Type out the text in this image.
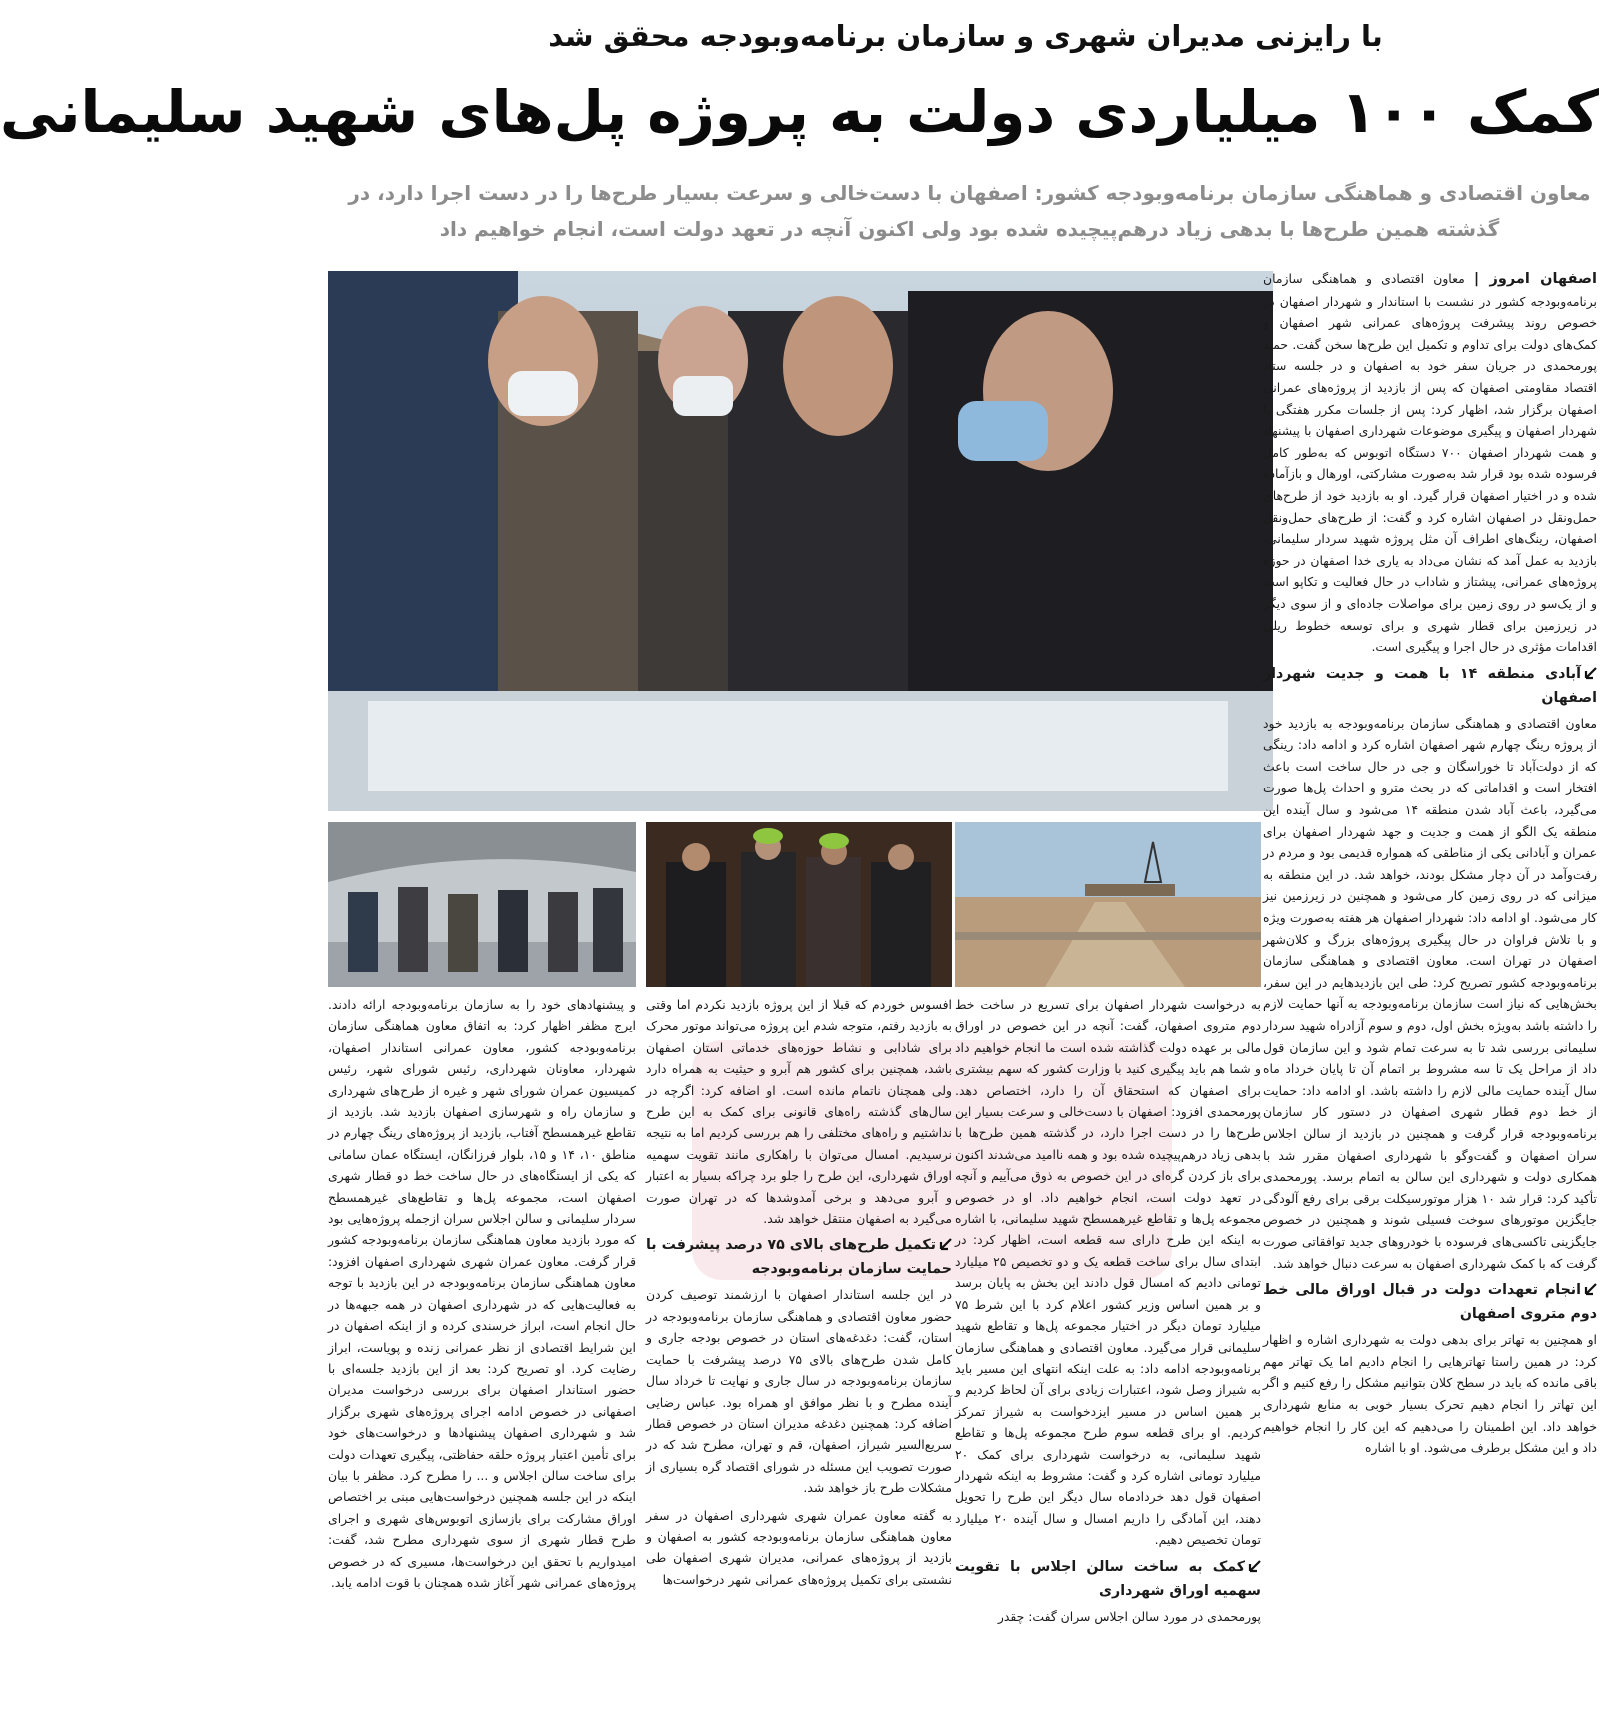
با رایزنی مدیران شهری و سازمان برنامه‌وبودجه محقق شد
کمک ۱۰۰ میلیاردی دولت به پروژه پل‌های شهید سلیمانی
معاون اقتصادی و هماهنگی سازمان برنامه‌وبودجه کشور: اصفهان با دست‌خالی و سرعت بسیار طرح‌ها را در دست اجرا دارد، در گذشته همین طرح‌ها با بدهی زیاد درهم‌پیچیده شده بود ولی اکنون آنچه در تعهد دولت است، انجام خواهیم داد

اصفهان امروز | معاون اقتصادی و هماهنگی سازمان برنامه‌وبودجه کشور در نشست با استاندار و شهردار اصفهان در خصوص روند پیشرفت پروژه‌های عمرانی شهر اصفهان و کمک‌های دولت برای تداوم و تکمیل این طرح‌ها سخن گفت. حمید پورمحمدی در جریان سفر خود به اصفهان و در جلسه ستاد اقتصاد مقاومتی اصفهان که پس از بازدید از پروژه‌های عمرانی اصفهان برگزار شد، اظهار کرد: پس از جلسات مکرر هفتگی با شهردار اصفهان و پیگیری موضوعات شهرداری اصفهان با پیشنهاد و همت شهردار اصفهان ۷۰۰ دستگاه اتوبوس که به‌طور کامل فرسوده شده بود قرار شد به‌صورت مشارکتی، اورهال و بازآماده شده و در اختیار اصفهان قرار گیرد. او به بازدید خود از طرح‌های حمل‌ونقل در اصفهان اشاره کرد و گفت: از طرح‌های حمل‌ونقل اصفهان، رینگ‌های اطراف آن مثل پروژه شهید سردار سلیمانی، بازدید به عمل آمد که نشان می‌داد به یاری خدا اصفهان در حوزه پروژه‌های عمرانی، پیشتاز و شاداب در حال فعالیت و تکاپو است و از یک‌سو در روی زمین برای مواصلات جاده‌ای و از سوی دیگر در زیرزمین برای قطار شهری و برای توسعه خطوط ریلی اقدامات مؤثری در حال اجرا و پیگیری است.

آبادی منطقه ۱۴ با همت و جدیت شهردار اصفهان

معاون اقتصادی و هماهنگی سازمان برنامه‌وبودجه به بازدید خود از پروژه رینگ چهارم شهر اصفهان اشاره کرد و ادامه داد: رینگی که از دولت‌آباد تا خوراسگان و جی در حال ساخت است باعث افتخار است و اقداماتی که در بحث مترو و احداث پل‌ها صورت می‌گیرد، باعث آباد شدن منطقه ۱۴ می‌شود و سال آینده این منطقه یک الگو از همت و جدیت و جهد شهردار اصفهان برای عمران و آبادانی یکی از مناطقی که همواره قدیمی بود و مردم در رفت‌وآمد در آن دچار مشکل بودند، خواهد شد. در این منطقه به میزانی که در روی زمین کار می‌شود و همچنین در زیرزمین نیز کار می‌شود. او ادامه داد: شهردار اصفهان هر هفته به‌صورت ویژه و با تلاش فراوان در حال پیگیری پروژه‌های بزرگ و کلان‌شهر اصفهان در تهران است. معاون اقتصادی و هماهنگی سازمان برنامه‌وبودجه کشور تصریح کرد: طی این بازدیدهایم در این سفر، بخش‌هایی که نیاز است سازمان برنامه‌وبودجه به آنها حمایت لازم را داشته باشد به‌ویژه بخش اول، دوم و سوم آزادراه شهید سردار سلیمانی بررسی شد تا به سرعت تمام شود و این سازمان قول داد از مراحل یک تا سه مشروط بر اتمام آن تا پایان خرداد ماه سال آینده حمایت مالی لازم را داشته باشد. او ادامه داد: حمایت از خط دوم قطار شهری اصفهان در دستور کار سازمان برنامه‌وبودجه قرار گرفت و همچنین در بازدید از سالن اجلاس سران اصفهان و گفت‌وگو با شهرداری اصفهان مقرر شد با همکاری دولت و شهرداری این سالن به اتمام برسد. پورمحمدی تأکید کرد: قرار شد ۱۰ هزار موتورسیکلت برقی برای رفع آلودگی جایگزین موتورهای سوخت فسیلی شوند و همچنین در خصوص جایگزینی تاکسی‌های فرسوده با خودروهای جدید توافقاتی صورت گرفت که با کمک شهرداری اصفهان به سرعت دنبال خواهد شد.

انجام تعهدات دولت در قبال اوراق مالی خط دوم متروی اصفهان

او همچنین به تهاتر برای بدهی دولت به شهرداری اشاره و اظهار کرد: در همین راستا تهاترهایی را انجام دادیم اما یک تهاتر مهم باقی مانده که باید در سطح کلان بتوانیم مشکل را رفع کنیم و اگر این تهاتر را انجام دهیم تحرک بسیار خوبی به منابع شهرداری خواهد داد. این اطمینان را می‌دهیم که این کار را انجام خواهیم داد و این مشکل برطرف می‌شود. او با اشاره

به درخواست شهردار اصفهان برای تسریع در ساخت خط دوم متروی اصفهان، گفت: آنچه در این خصوص در اوراق مالی بر عهده دولت گذاشته شده است ما انجام خواهیم داد و شما هم باید پیگیری کنید با وزارت کشور که سهم بیشتری برای اصفهان که استحقاق آن را دارد، اختصاص دهد. پورمحمدی افزود: اصفهان با دست‌خالی و سرعت بسیار این طرح‌ها را در دست اجرا دارد، در گذشته همین طرح‌ها با بدهی زیاد درهم‌پیچیده شده بود و همه ناامید می‌شدند اکنون برای باز کردن گره‌ای در این خصوص به ذوق می‌آییم و آنچه در تعهد دولت است، انجام خواهیم داد. او در خصوص مجموعه پل‌ها و تقاطع غیرهمسطح شهید سلیمانی، با اشاره به اینکه این طرح دارای سه قطعه است، اظهار کرد: در ابتدای سال برای ساخت قطعه یک و دو تخصیص ۲۵ میلیارد تومانی دادیم که امسال قول دادند این بخش به پایان برسد و بر همین اساس وزیر کشور اعلام کرد با این شرط ۷۵ میلیارد تومان دیگر در اختیار مجموعه پل‌ها و تقاطع شهید سلیمانی قرار می‌گیرد. معاون اقتصادی و هماهنگی سازمان برنامه‌وبودجه ادامه داد: به علت اینکه انتهای این مسیر باید به شیراز وصل شود، اعتبارات زیادی برای آن لحاظ کردیم و بر همین اساس در مسیر ایزدخواست به شیراز تمرکز کردیم. او برای قطعه سوم طرح مجموعه پل‌ها و تقاطع شهید سلیمانی، به درخواست شهرداری برای کمک ۲۰ میلیارد تومانی اشاره کرد و گفت: مشروط به اینکه شهردار اصفهان قول دهد خردادماه سال دیگر این طرح را تحویل دهند، این آمادگی را داریم امسال و سال آینده ۲۰ میلیارد تومان تخصیص دهیم.

کمک به ساخت سالن اجلاس با تقویت سهمیه اوراق شهرداری

پورمحمدی در مورد سالن اجلاس سران گفت: چقدر

افسوس خوردم که قبلا از این پروژه بازدید نکردم اما وقتی به بازدید رفتم، متوجه شدم این پروژه می‌تواند موتور محرک برای شادابی و نشاط حوزه‌های خدماتی استان اصفهان باشد، همچنین برای کشور هم آبرو و حیثیت به همراه دارد ولی همچنان ناتمام مانده است. او اضافه کرد: اگرچه در سال‌های گذشته راه‌های قانونی برای کمک به این طرح نداشتیم و راه‌های مختلفی را هم بررسی کردیم اما به نتیجه نرسیدیم. امسال می‌توان با راهکاری مانند تقویت سهمیه اوراق شهرداری، این طرح را جلو برد چراکه بسیار به اعتبار و آبرو می‌دهد و برخی آمدوشدها که در تهران صورت می‌گیرد به اصفهان منتقل خواهد شد.

تکمیل طرح‌های بالای ۷۵ درصد پیشرفت با حمایت سازمان برنامه‌وبودجه

در این جلسه استاندار اصفهان با ارزشمند توصیف کردن حضور معاون اقتصادی و هماهنگی سازمان برنامه‌وبودجه در استان، گفت: دغدغه‌های استان در خصوص بودجه جاری و کامل شدن طرح‌های بالای ۷۵ درصد پیشرفت با حمایت سازمان برنامه‌وبودجه در سال جاری و نهایت تا خرداد سال آینده مطرح و با نظر موافق او همراه بود. عباس رضایی اضافه کرد: همچنین دغدغه مدیران استان در خصوص قطار سریع‌السیر شیراز، اصفهان، قم و تهران، مطرح شد که در صورت تصویب این مسئله در شورای اقتصاد گره بسیاری از مشکلات طرح باز خواهد شد.

به گفته معاون عمران شهری شهرداری اصفهان در سفر معاون هماهنگی سازمان برنامه‌وبودجه کشور به اصفهان و بازدید از پروژه‌های عمرانی، مدیران شهری اصفهان طی نشستی برای تکمیل پروژه‌های عمرانی شهر درخواست‌ها

و پیشنهادهای خود را به سازمان برنامه‌وبودجه ارائه دادند. ایرج مظفر اظهار کرد: به اتفاق معاون هماهنگی سازمان برنامه‌وبودجه کشور، معاون عمرانی استاندار اصفهان، شهردار، معاونان شهرداری، رئیس شورای شهر، رئیس کمیسیون عمران شورای شهر و غیره از طرح‌های شهرداری و سازمان راه و شهرسازی اصفهان بازدید شد. بازدید از تقاطع غیرهمسطح آفتاب، بازدید از پروژه‌های رینگ چهارم در مناطق ۱۰، ۱۴ و ۱۵، بلوار فرزانگان، ایستگاه عمان سامانی که یکی از ایستگاه‌های در حال ساخت خط دو قطار شهری اصفهان است، مجموعه پل‌ها و تقاطع‌های غیرهمسطح سردار سلیمانی و سالن اجلاس سران ازجمله پروژه‌هایی بود که مورد بازدید معاون هماهنگی سازمان برنامه‌وبودجه کشور قرار گرفت. معاون عمران شهری شهرداری اصفهان افزود: معاون هماهنگی سازمان برنامه‌وبودجه در این بازدید با توجه به فعالیت‌هایی که در شهرداری اصفهان در همه جبهه‌ها در حال انجام است، ابراز خرسندی کرده و از اینکه اصفهان در این شرایط اقتصادی از نظر عمرانی زنده و پویاست، ابراز رضایت کرد. او تصریح کرد: بعد از این بازدید جلسه‌ای با حضور استاندار اصفهان برای بررسی درخواست مدیران اصفهانی در خصوص ادامه اجرای پروژه‌های شهری برگزار شد و شهرداری اصفهان پیشنهادها و درخواست‌های خود برای تأمین اعتبار پروژه حلقه حفاظتی، پیگیری تعهدات دولت برای ساخت سالن اجلاس و ... را مطرح کرد. مظفر با بیان اینکه در این جلسه همچنین درخواست‌هایی مبنی بر اختصاص اوراق مشارکت برای بازسازی اتوبوس‌های شهری و اجرای طرح قطار شهری از سوی شهرداری مطرح شد، گفت: امیدواریم با تحقق این درخواست‌ها، مسیری که در خصوص پروژه‌های عمرانی شهر آغاز شده همچنان با قوت ادامه یابد.
